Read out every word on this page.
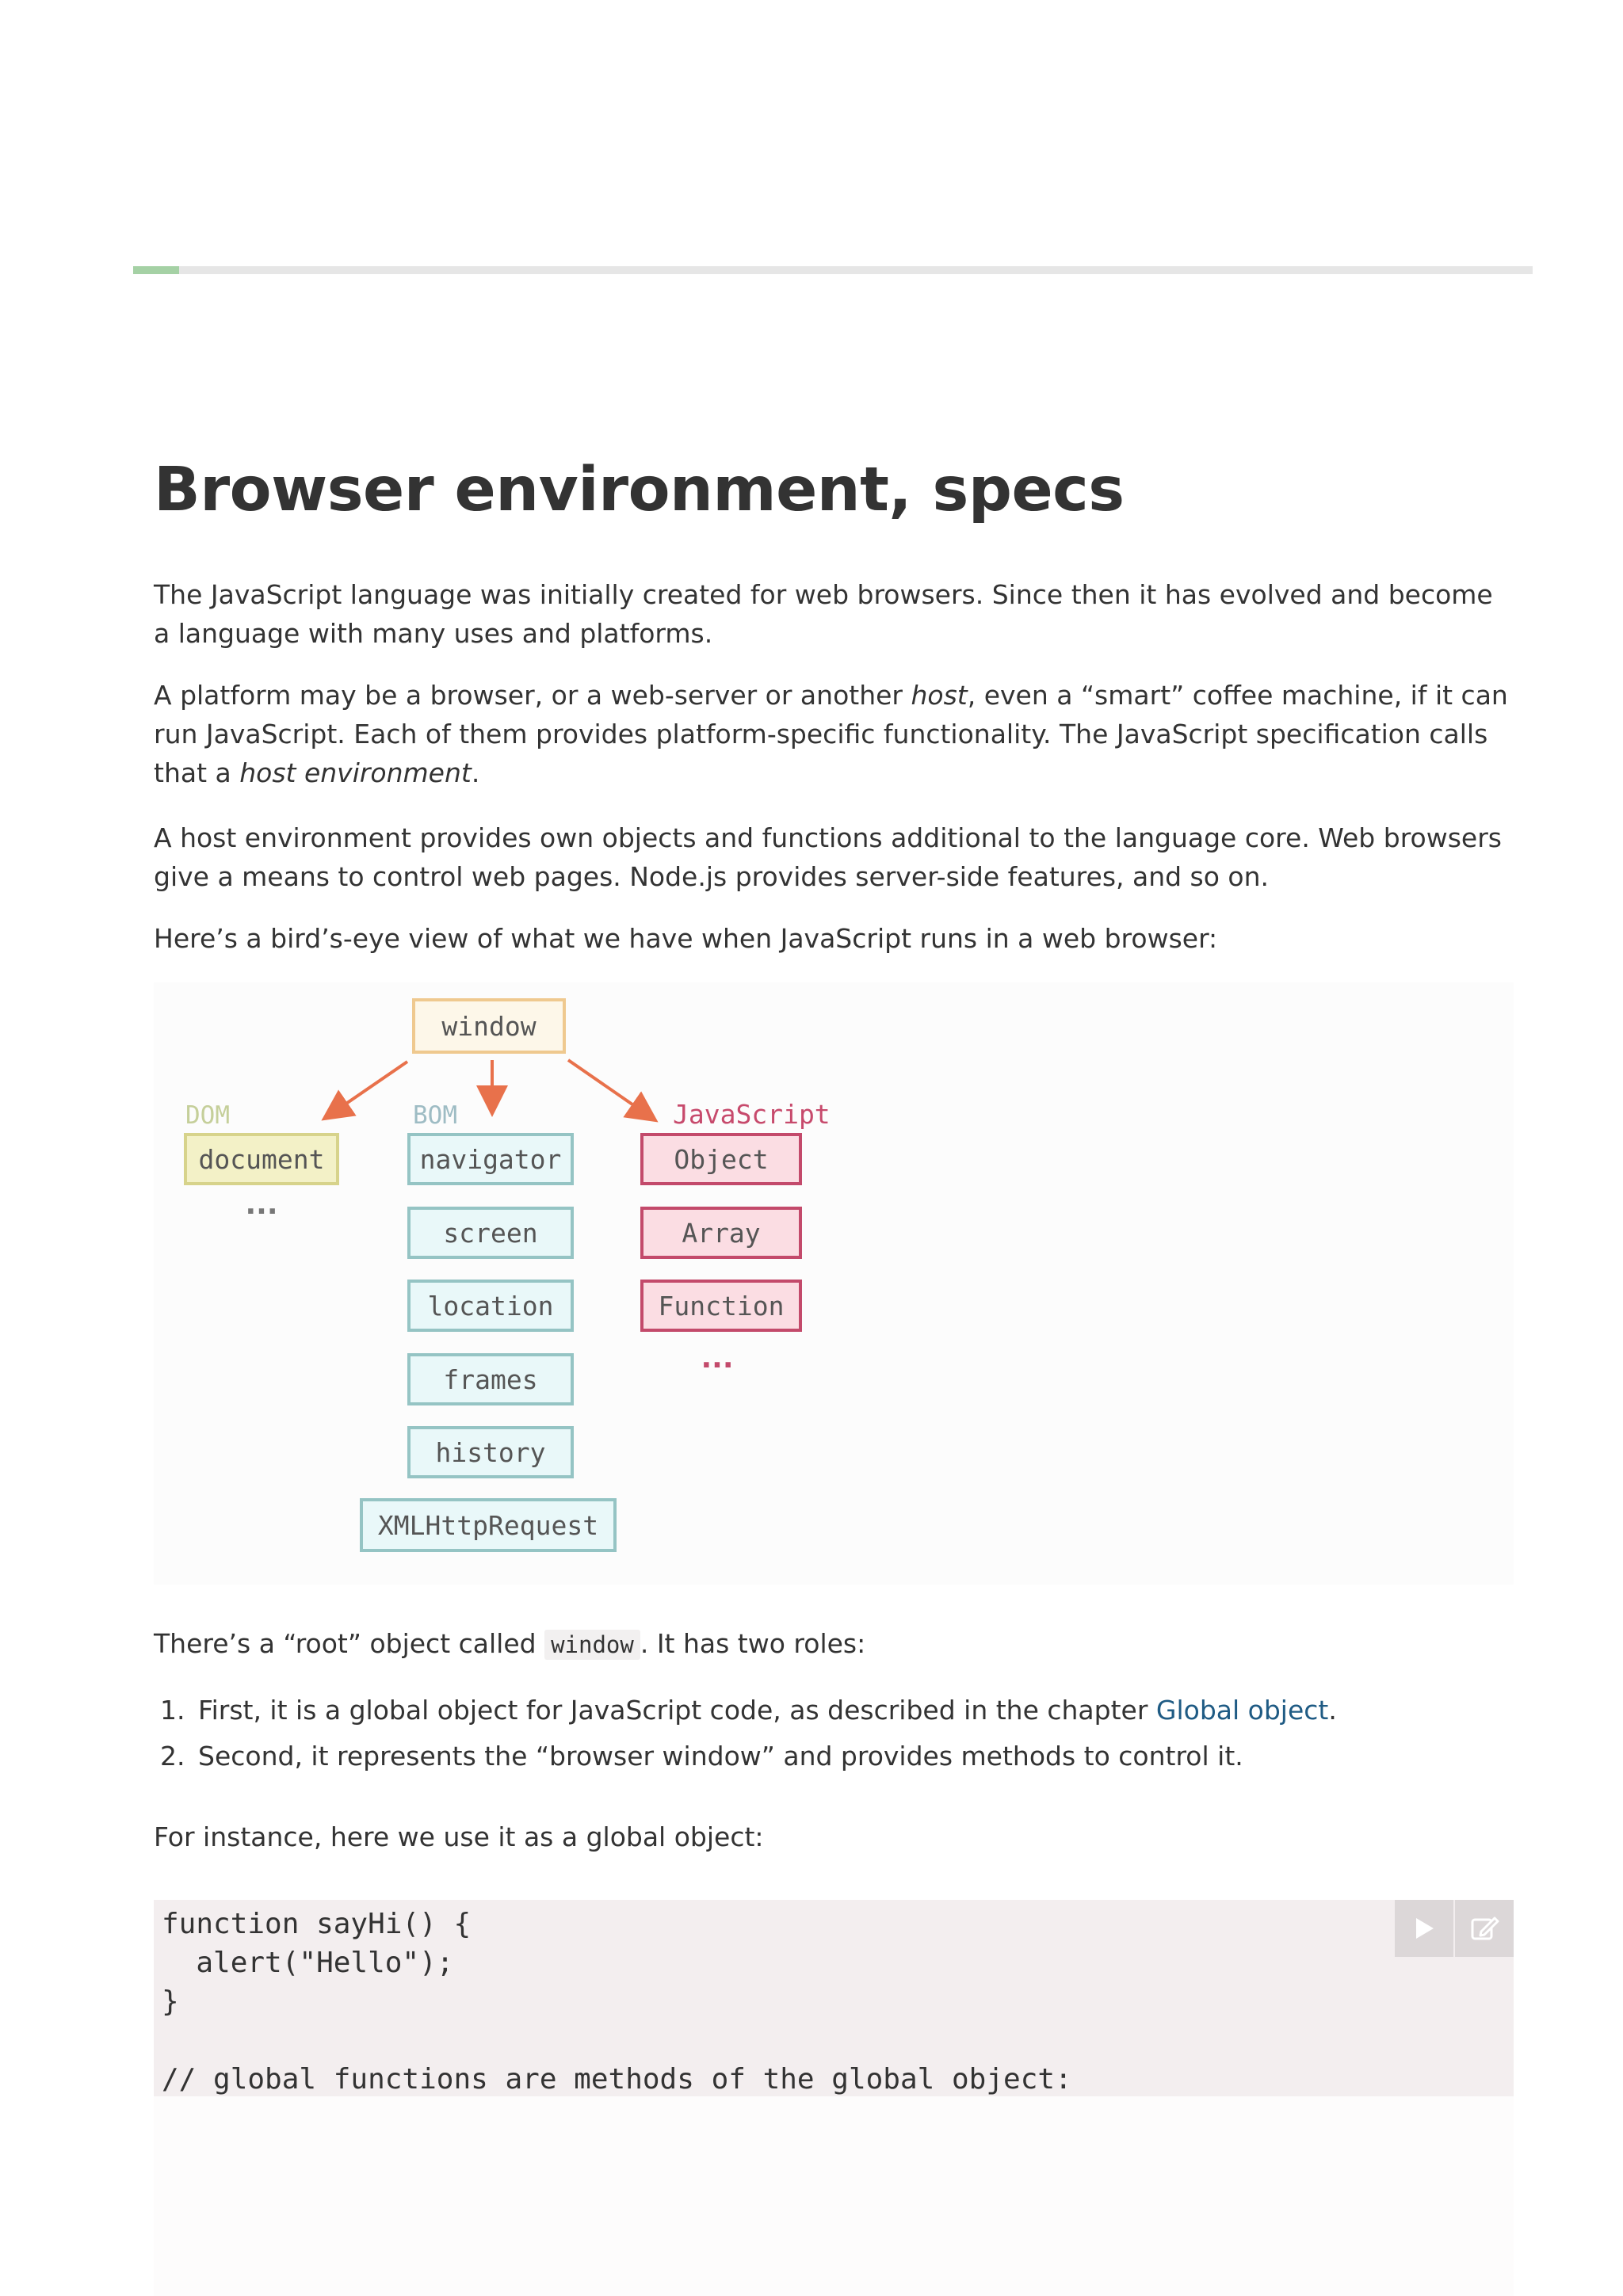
Browser environment, specs

The JavaScript language was initially created for web browsers. Since then it has evolved and become a language with many uses and platforms.

A platform may be a browser, or a web-server or another host, even a “smart” coffee machine, if it can run JavaScript. Each of them provides platform-specific functionality. The JavaScript specification calls that a host environment.

A host environment provides own objects and functions additional to the language core. Web browsers give a means to control web pages. Node.js provides server-side features, and so on.

Here’s a bird’s-eye view of what we have when JavaScript runs in a web browser:

window
DOM	BOM	JavaScript
document
...
navigator
screen
location
frames
history
XMLHttpRequest
Object
Array
Function
...

There’s a “root” object called window . It has two roles:

1. First, it is a global object for JavaScript code, as described in the chapter Global object.
2. Second, it represents the “browser window” and provides methods to control it.

For instance, here we use it as a global object:

function sayHi() {
alert("Hello");
}

// global functions are methods of the global object:
